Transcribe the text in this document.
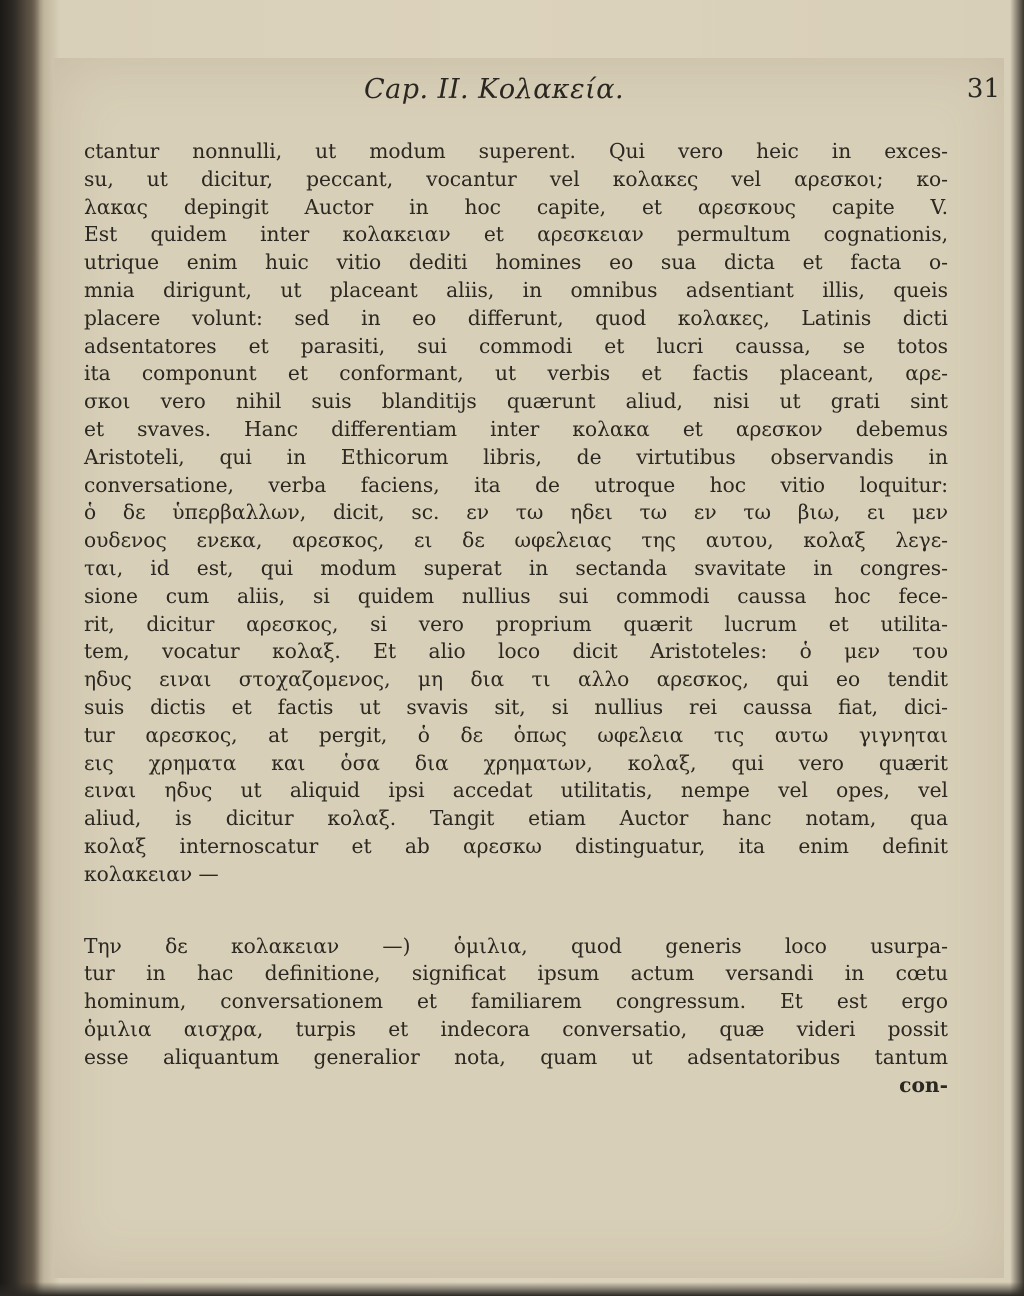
Cap. II. Κολακεία.	31
ctantur nonnulli, ut modum superent. Qui vero heic in exces-
su, ut dicitur, peccant, vocantur vel κολακες vel αρεσκοι; κο-
λακας depingit Auctor in hoc capite, et αρεσκους capite V.
Est quidem inter κολακειαν et αρεσκειαν permultum cognationis,
utrique enim huic vitio dediti homines eo sua dicta et facta o-
mnia dirigunt, ut placeant aliis, in omnibus adsentiant illis, queis
placere volunt: sed in eo differunt, quod κολακες, Latinis dicti
adsentatores et parasiti, sui commodi et lucri caussa, se totos
ita componunt et conformant, ut verbis et factis placeant, αρε-
σκοι vero nihil suis blanditijs quærunt aliud, nisi ut grati sint
et svaves. Hanc differentiam inter κολακα et αρεσκον debemus
Aristoteli, qui in Ethicorum libris, de virtutibus observandis in
conversatione, verba faciens, ita de utroque hoc vitio loquitur:
ὁ δε ὑπερβαλλων, dicit, sc. εν τω ηδει τω εν τω βιω, ει μεν
ουδενος ενεκα, αρεσκος, ει δε ωφελειας της αυτου, κολαξ λεγε-
ται, id est, qui modum superat in sectanda svavitate in congres-
sione cum aliis, si quidem nullius sui commodi caussa hoc fece-
rit, dicitur αρεσκος, si vero proprium quærit lucrum et utilita-
tem, vocatur κολαξ. Et alio loco dicit Aristoteles: ὁ μεν του
ηδυς ειναι στοχαζομενος, μη δια τι αλλο αρεσκος, qui eo tendit
suis dictis et factis ut svavis sit, si nullius rei caussa fiat, dici-
tur αρεσκος, at pergit, ὁ δε ὁπως ωφελεια τις αυτω γιγνηται
εις χρηματα και ὁσα δια χρηματων, κολαξ, qui vero quærit
ειναι ηδυς ut aliquid ipsi accedat utilitatis, nempe vel opes, vel
aliud, is dicitur κολαξ. Tangit etiam Auctor hanc notam, qua
κολαξ internoscatur et ab αρεσκω distinguatur, ita enim definit
κολακειαν —
Την δε κολακειαν —) ὁμιλια, quod generis loco usurpa-
tur in hac definitione, significat ipsum actum versandi in cœtu
hominum, conversationem et familiarem congressum. Et est ergo
ὁμιλια αισχρα, turpis et indecora conversatio, quæ videri possit
esse aliquantum generalior nota, quam ut adsentatoribus tantum
con-
